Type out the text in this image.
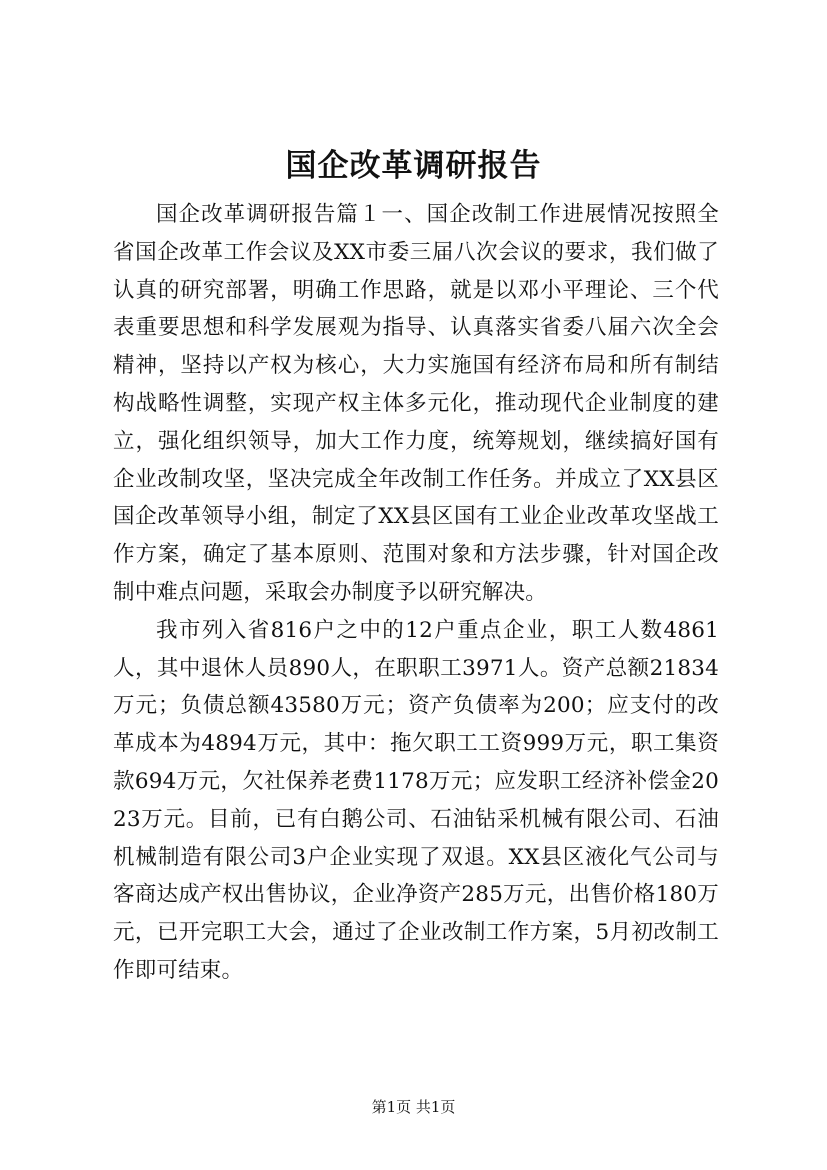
国企改革调研报告

国企改革调研报告篇１一、国企改制工作进展情况按照全省国企改革工作会议及XX市委三届八次会议的要求，我们做了认真的研究部署，明确工作思路，就是以邓小平理论、三个代表重要思想和科学发展观为指导、认真落实省委八届六次全会精神，坚持以产权为核心，大力实施国有经济布局和所有制结构战略性调整，实现产权主体多元化，推动现代企业制度的建立，强化组织领导，加大工作力度，统筹规划，继续搞好国有企业改制攻坚，坚决完成全年改制工作任务。并成立了XX县区国企改革领导小组，制定了XX县区国有工业企业改革攻坚战工作方案，确定了基本原则、范围对象和方法步骤，针对国企改制中难点问题，采取会办制度予以研究解决。

我市列入省816户之中的12户重点企业，职工人数4861人，其中退休人员890人，在职职工3971人。资产总额21834万元；负债总额43580万元；资产负债率为200；应支付的改革成本为4894万元，其中：拖欠职工工资999万元，职工集资款694万元，欠社保养老费1178万元；应发职工经济补偿金2023万元。目前，已有白鹅公司、石油钻采机械有限公司、石油机械制造有限公司3户企业实现了双退。XX县区液化气公司与客商达成产权出售协议，企业净资产285万元，出售价格180万元，已开完职工大会，通过了企业改制工作方案，5月初改制工作即可结束。

第1页 共1页
